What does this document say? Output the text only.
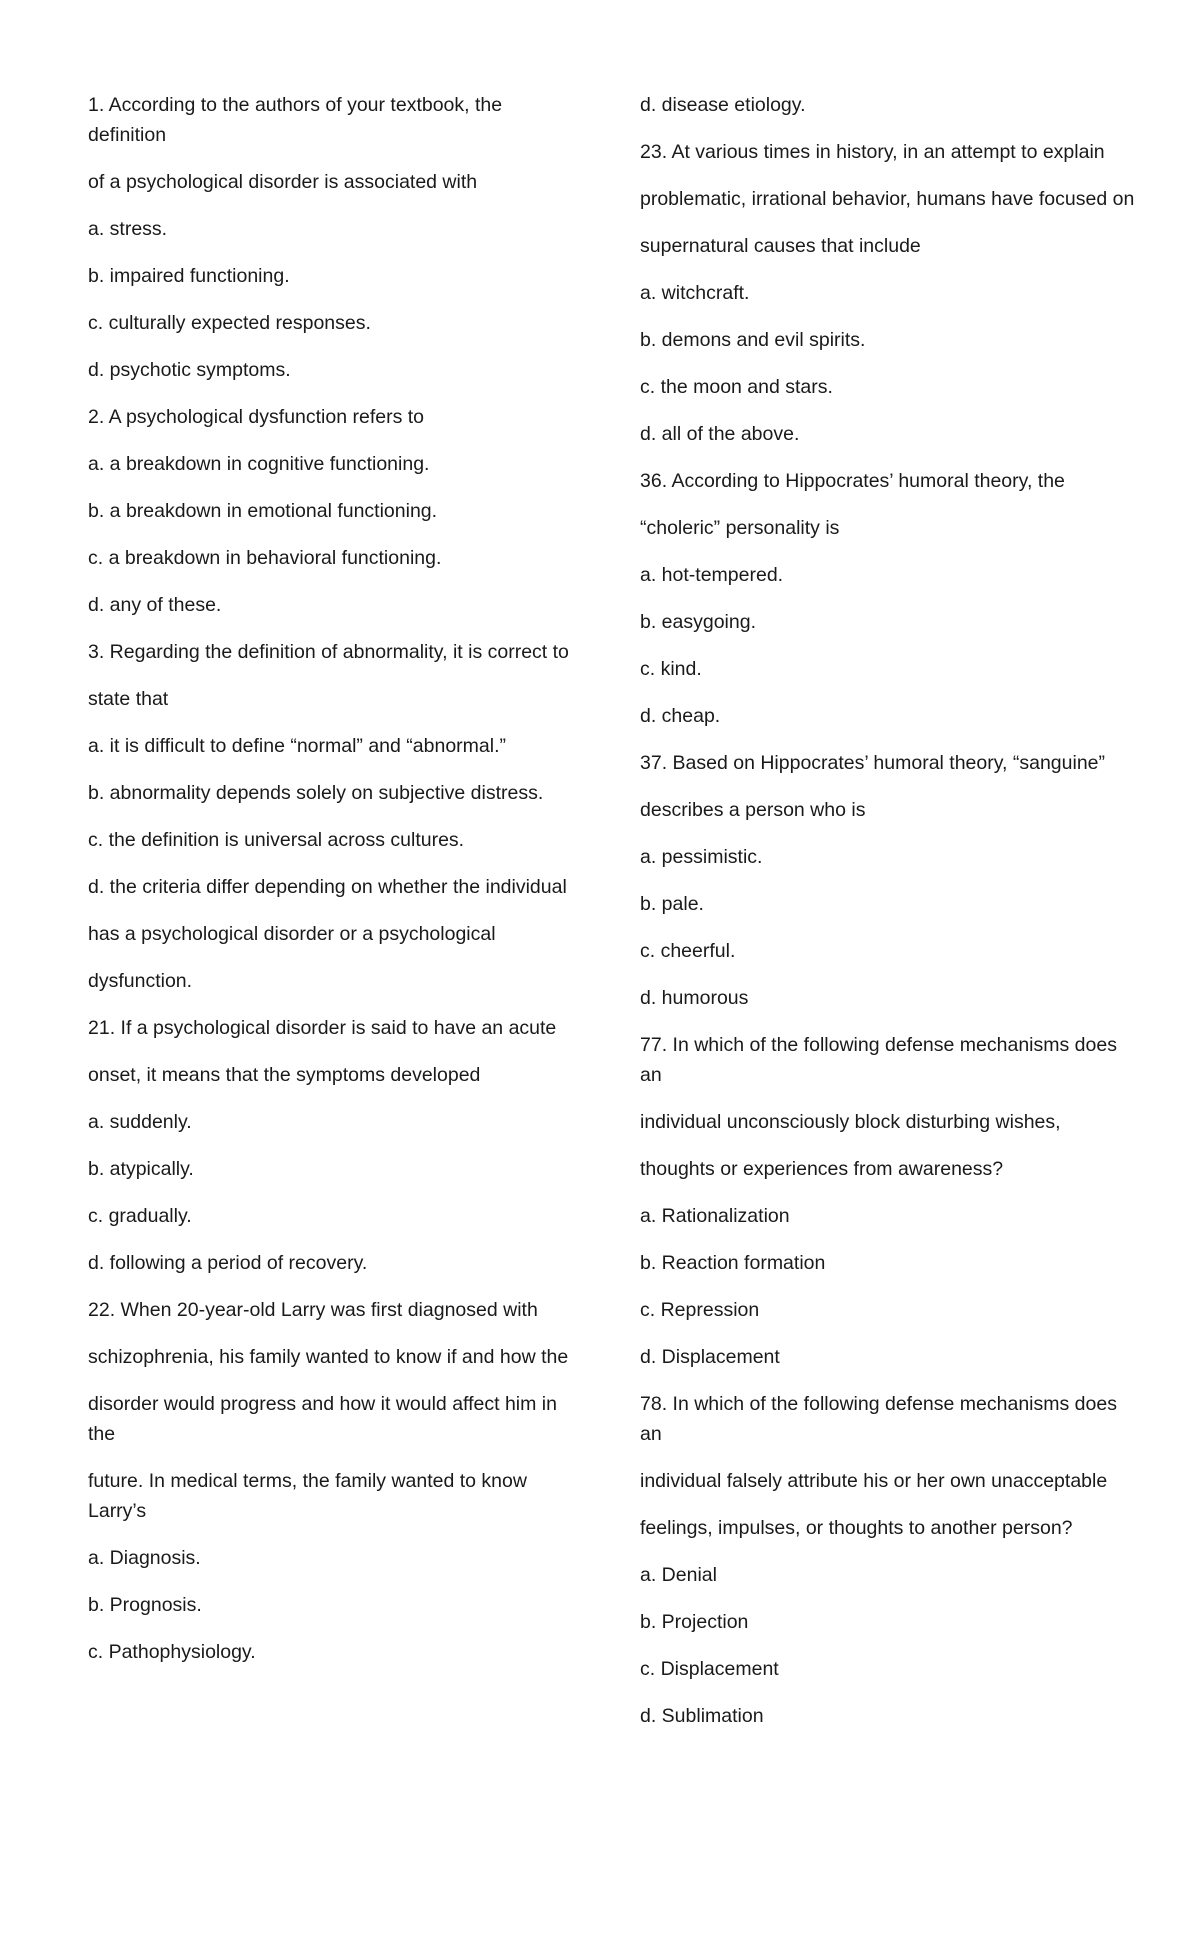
1. According to the authors of your textbook, the definition

of a psychological disorder is associated with

a. stress.

b. impaired functioning.

c. culturally expected responses.

d. psychotic symptoms.

2. A psychological dysfunction refers to

a. a breakdown in cognitive functioning.

b. a breakdown in emotional functioning.

c. a breakdown in behavioral functioning.

d. any of these.

3. Regarding the definition of abnormality, it is correct to

state that

a. it is difficult to define “normal” and “abnormal.”

b. abnormality depends solely on subjective distress.

c. the definition is universal across cultures.

d. the criteria differ depending on whether the individual

has a psychological disorder or a psychological

dysfunction.

21. If a psychological disorder is said to have an acute

onset, it means that the symptoms developed

a. suddenly.

b. atypically.

c. gradually.

d. following a period of recovery.

22. When 20-year-old Larry was first diagnosed with

schizophrenia, his family wanted to know if and how the

disorder would progress and how it would affect him in the

future. In medical terms, the family wanted to know Larry’s

a. Diagnosis.

b. Prognosis.

c. Pathophysiology.

d. disease etiology.

23. At various times in history, in an attempt to explain

problematic, irrational behavior, humans have focused on

supernatural causes that include

a. witchcraft.

b. demons and evil spirits.

c. the moon and stars.

d. all of the above.

36. According to Hippocrates’ humoral theory, the

“choleric” personality is

a. hot-tempered.

b. easygoing.

c. kind.

d. cheap.

37. Based on Hippocrates’ humoral theory, “sanguine”

describes a person who is

a. pessimistic.

b. pale.

c. cheerful.

d. humorous

77. In which of the following defense mechanisms does an

individual unconsciously block disturbing wishes,

thoughts or experiences from awareness?

a. Rationalization

b. Reaction formation

c. Repression

d. Displacement

78. In which of the following defense mechanisms does an

individual falsely attribute his or her own unacceptable

feelings, impulses, or thoughts to another person?

a. Denial

b. Projection

c. Displacement

d. Sublimation
